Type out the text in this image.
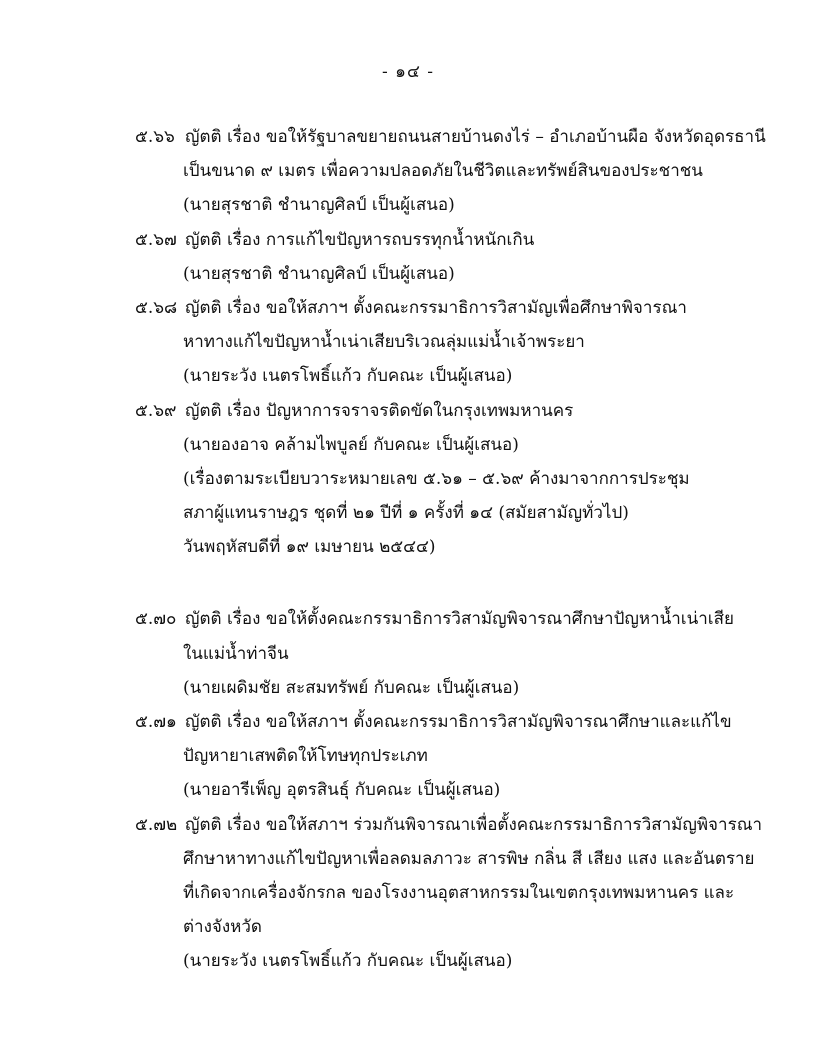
- ๑๔ -
๕.๖๖ ญัตติ เรื่อง ขอให้รัฐบาลขยายถนนสายบ้านดงไร่ – อำเภอบ้านผือ จังหวัดอุดรธานี
เป็นขนาด ๙ เมตร เพื่อความปลอดภัยในชีวิตและทรัพย์สินของประชาชน
(นายสุรชาติ ชำนาญศิลป์ เป็นผู้เสนอ)
๕.๖๗ ญัตติ เรื่อง การแก้ไขปัญหารถบรรทุกน้ำหนักเกิน
(นายสุรชาติ ชำนาญศิลป์ เป็นผู้เสนอ)
๕.๖๘ ญัตติ เรื่อง ขอให้สภาฯ ตั้งคณะกรรมาธิการวิสามัญเพื่อศึกษาพิจารณา
หาทางแก้ไขปัญหาน้ำเน่าเสียบริเวณลุ่มแม่น้ำเจ้าพระยา
(นายระวัง เนตรโพธิ์แก้ว กับคณะ เป็นผู้เสนอ)
๕.๖๙ ญัตติ เรื่อง ปัญหาการจราจรติดขัดในกรุงเทพมหานคร
(นายองอาจ คล้ามไพบูลย์ กับคณะ เป็นผู้เสนอ)
(เรื่องตามระเบียบวาระหมายเลข ๕.๖๑ – ๕.๖๙ ค้างมาจากการประชุม
สภาผู้แทนราษฎร ชุดที่ ๒๑ ปีที่ ๑ ครั้งที่ ๑๔ (สมัยสามัญทั่วไป)
วันพฤหัสบดีที่ ๑๙ เมษายน ๒๕๔๔)
๕.๗๐ ญัตติ เรื่อง ขอให้ตั้งคณะกรรมาธิการวิสามัญพิจารณาศึกษาปัญหาน้ำเน่าเสีย
ในแม่น้ำท่าจีน
(นายเผดิมชัย สะสมทรัพย์ กับคณะ เป็นผู้เสนอ)
๕.๗๑ ญัตติ เรื่อง ขอให้สภาฯ ตั้งคณะกรรมาธิการวิสามัญพิจารณาศึกษาและแก้ไข
ปัญหายาเสพติดให้โทษทุกประเภท
(นายอารีเพ็ญ อุตรสินธุ์ กับคณะ เป็นผู้เสนอ)
๕.๗๒ ญัตติ เรื่อง ขอให้สภาฯ ร่วมกันพิจารณาเพื่อตั้งคณะกรรมาธิการวิสามัญพิจารณา
ศึกษาหาทางแก้ไขปัญหาเพื่อลดมลภาวะ สารพิษ กลิ่น สี เสียง แสง และอันตราย
ที่เกิดจากเครื่องจักรกล ของโรงงานอุตสาหกรรมในเขตกรุงเทพมหานคร และ
ต่างจังหวัด
(นายระวัง เนตรโพธิ์แก้ว กับคณะ เป็นผู้เสนอ)
